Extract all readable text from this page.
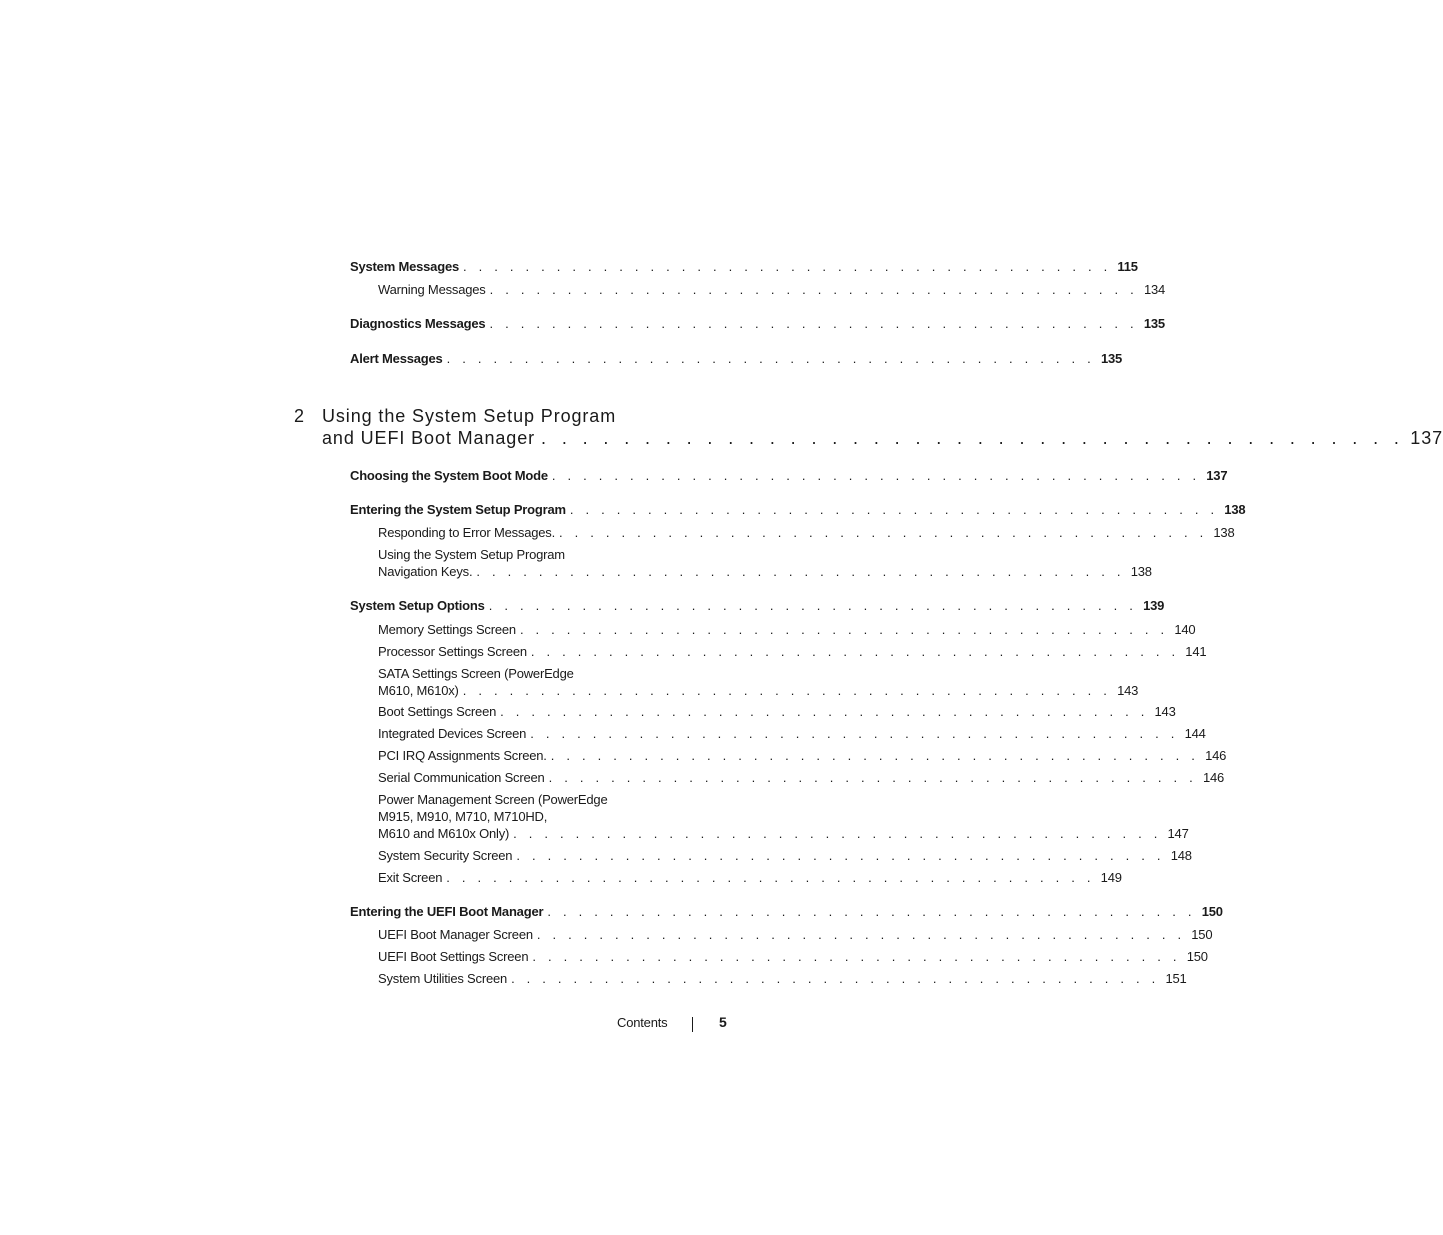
System Messages . . . . . . . . . . . . . . . . . . . . . . . . . . . . . . . . . . . . . . . . . . 115
Warning Messages . . . . . . . . . . . . . . . . . . . . . . . . . . . . . . . . . . . . . . . . . . 134
Diagnostics Messages . . . . . . . . . . . . . . . . . . . . . . . . . . . . . . . . . . . . . . . . . . 135
Alert Messages . . . . . . . . . . . . . . . . . . . . . . . . . . . . . . . . . . . . . . . . . . 135
2 Using the System Setup Program
and UEFI Boot Manager . . . . . . . . . . . . . . . . . . . . . . . . . . . . . . . . . . . . . . . . . . 137
Choosing the System Boot Mode . . . . . . . . . . . . . . . . . . . . . . . . . . . . . . . . . . . . . . . . . . 137
Entering the System Setup Program . . . . . . . . . . . . . . . . . . . . . . . . . . . . . . . . . . . . . . . . . . 138
Responding to Error Messages. . . . . . . . . . . . . . . . . . . . . . . . . . . . . . . . . . . . . . . . . . . 138
Using the System Setup Program
Navigation Keys. . . . . . . . . . . . . . . . . . . . . . . . . . . . . . . . . . . . . . . . . . . 138
System Setup Options . . . . . . . . . . . . . . . . . . . . . . . . . . . . . . . . . . . . . . . . . . 139
Memory Settings Screen . . . . . . . . . . . . . . . . . . . . . . . . . . . . . . . . . . . . . . . . . . 140
Processor Settings Screen . . . . . . . . . . . . . . . . . . . . . . . . . . . . . . . . . . . . . . . . . . 141
SATA Settings Screen (PowerEdge
M610, M610x) . . . . . . . . . . . . . . . . . . . . . . . . . . . . . . . . . . . . . . . . . . 143
Boot Settings Screen . . . . . . . . . . . . . . . . . . . . . . . . . . . . . . . . . . . . . . . . . . 143
Integrated Devices Screen . . . . . . . . . . . . . . . . . . . . . . . . . . . . . . . . . . . . . . . . . . 144
PCI IRQ Assignments Screen. . . . . . . . . . . . . . . . . . . . . . . . . . . . . . . . . . . . . . . . . . . 146
Serial Communication Screen . . . . . . . . . . . . . . . . . . . . . . . . . . . . . . . . . . . . . . . . . . 146
Power Management Screen (PowerEdge
M915, M910, M710, M710HD,
M610 and M610x Only) . . . . . . . . . . . . . . . . . . . . . . . . . . . . . . . . . . . . . . . . . . 147
System Security Screen . . . . . . . . . . . . . . . . . . . . . . . . . . . . . . . . . . . . . . . . . . 148
Exit Screen . . . . . . . . . . . . . . . . . . . . . . . . . . . . . . . . . . . . . . . . . . 149
Entering the UEFI Boot Manager . . . . . . . . . . . . . . . . . . . . . . . . . . . . . . . . . . . . . . . . . . 150
UEFI Boot Manager Screen . . . . . . . . . . . . . . . . . . . . . . . . . . . . . . . . . . . . . . . . . . 150
UEFI Boot Settings Screen . . . . . . . . . . . . . . . . . . . . . . . . . . . . . . . . . . . . . . . . . . 150
System Utilities Screen . . . . . . . . . . . . . . . . . . . . . . . . . . . . . . . . . . . . . . . . . . 151
Contents	5
